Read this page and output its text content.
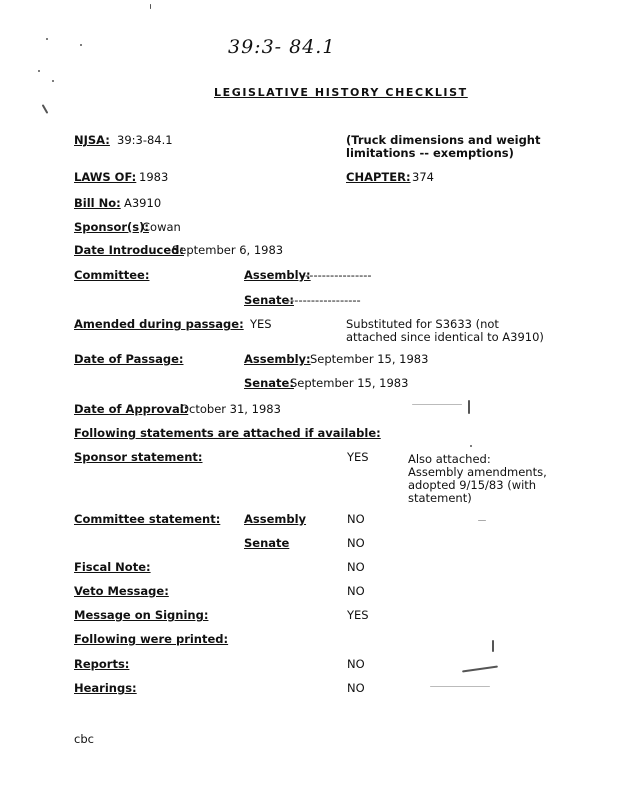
39:3- 84.1
LEGISLATIVE HISTORY CHECKLIST
NJSA: 39:3-84.1	(Truck dimensions and weight
limitations -- exemptions)
LAWS OF: 1983	CHAPTER: 374
Bill No: A3910
Sponsor(s):
Cowan
Date Introduced:
September 6, 1983
Committee:	Assembly:
-----------------
Senate:
------------------
Amended during passage: YES	Substituted for S3633 (not
attached since identical to A3910)
Date of Passage:	Assembly: September 15, 1983
Senate:
September 15, 1983
Date of Approval:
October 31, 1983
Following statements are attached if available:
Sponsor statement:	YES	Also attached:
Assembly amendments,
adopted 9/15/83 (with
statement)
Committee statement: Assembly	NO
Senate	NO
Fiscal Note:	NO
Veto Message:	NO
Message on Signing:	YES
Following were printed:
Reports:	NO
Hearings:	NO
cbc
